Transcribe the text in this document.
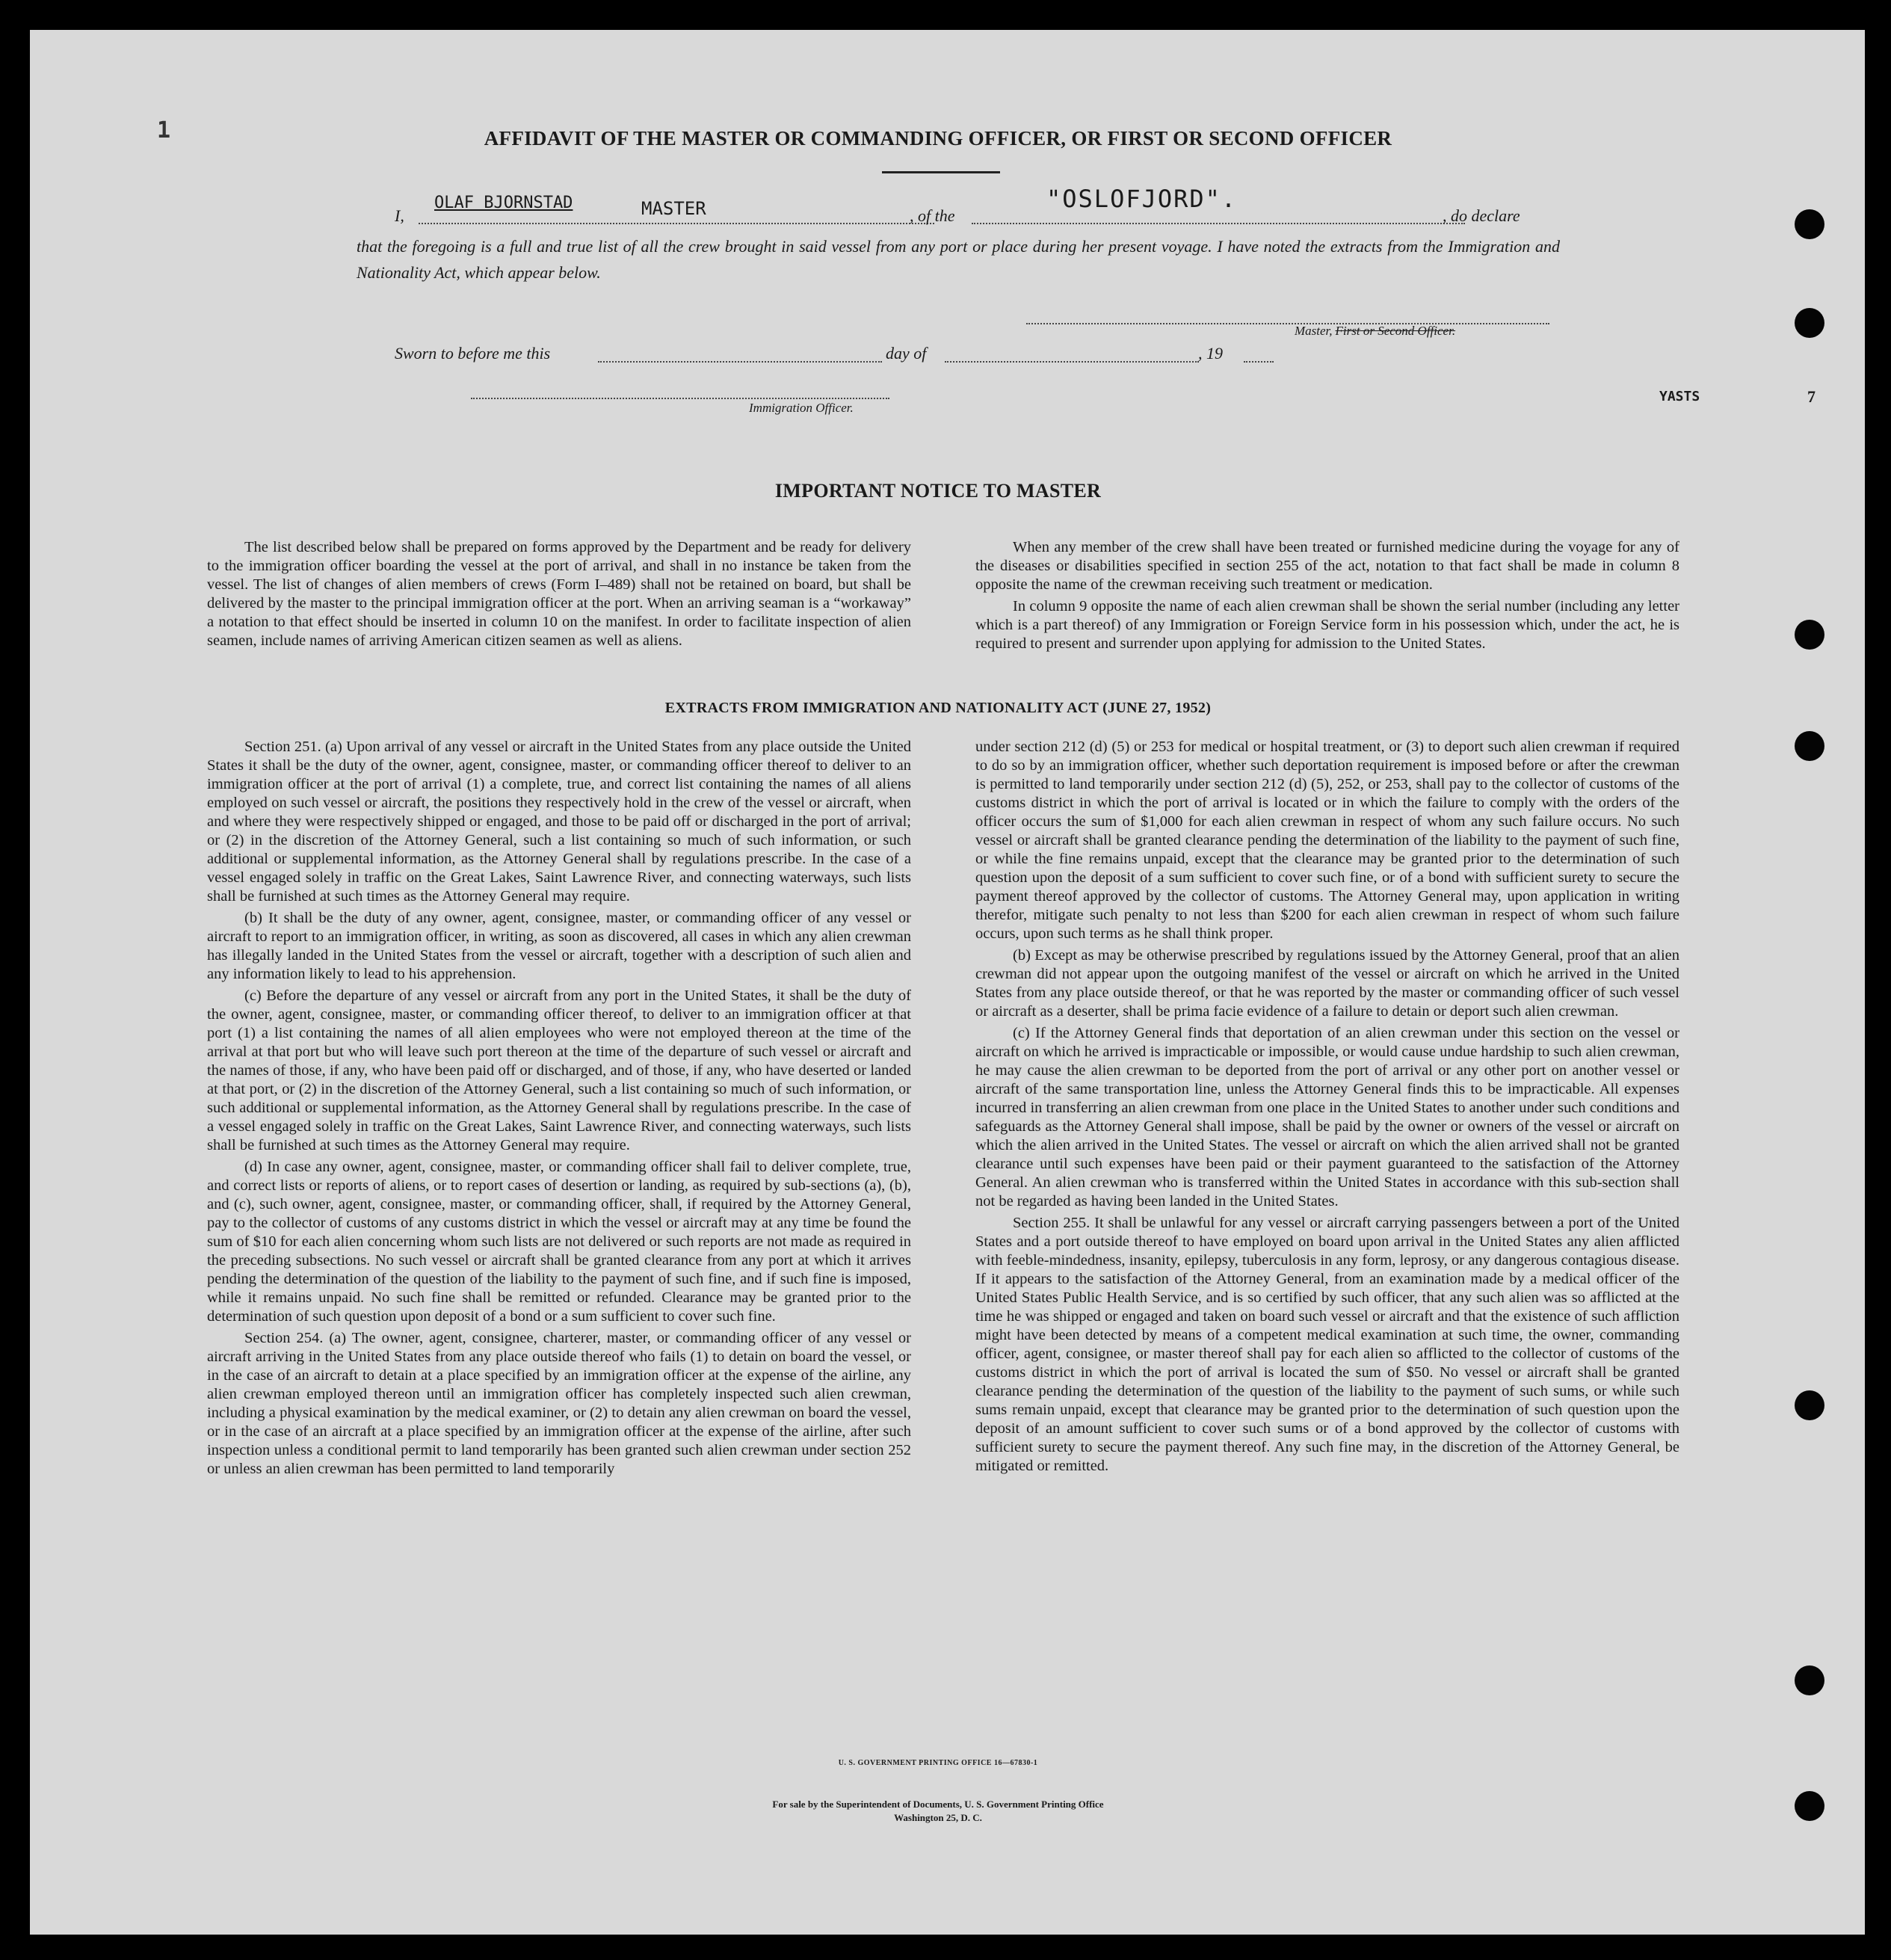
1
YASTS	7
AFFIDAVIT OF THE MASTER OR COMMANDING OFFICER, OR FIRST OR SECOND OFFICER
I,
OLAF BJORNSTAD	MASTER	, of the
"OSLOFJORD".
, do declare
that the foregoing is a full and true list of all the crew brought in said vessel from any port or place during her present voyage. I have noted the extracts from the Immigration and Nationality Act, which appear below.
Master, First or Second Officer.
Sworn to before me this	day of	, 19
Immigration Officer.
IMPORTANT NOTICE TO MASTER

The list described below shall be prepared on forms approved by the Department and be ready for delivery to the immigration officer boarding the vessel at the port of arrival, and shall in no instance be taken from the vessel. The list of changes of alien members of crews (Form I–489) shall not be retained on board, but shall be delivered by the master to the principal immigration officer at the port. When an arriving seaman is a “workaway” a notation to that effect should be inserted in column 10 on the manifest. In order to facilitate inspection of alien seamen, include names of arriving American citizen seamen as well as aliens.

When any member of the crew shall have been treated or furnished medicine during the voyage for any of the diseases or disabilities specified in section 255 of the act, notation to that fact shall be made in column 8 opposite the name of the crewman receiving such treatment or medication.

In column 9 opposite the name of each alien crewman shall be shown the serial number (including any letter which is a part thereof) of any Immigration or Foreign Service form in his possession which, under the act, he is required to present and surrender upon applying for admission to the United States.

EXTRACTS FROM IMMIGRATION AND NATIONALITY ACT (JUNE 27, 1952)

Section 251. (a) Upon arrival of any vessel or aircraft in the United States from any place outside the United States it shall be the duty of the owner, agent, consignee, master, or commanding officer thereof to deliver to an immigration officer at the port of arrival (1) a complete, true, and correct list containing the names of all aliens employed on such vessel or aircraft, the positions they respectively hold in the crew of the vessel or aircraft, when and where they were respectively shipped or engaged, and those to be paid off or discharged in the port of arrival; or (2) in the discretion of the Attorney General, such a list containing so much of such information, or such additional or supplemental information, as the Attorney General shall by regulations prescribe. In the case of a vessel engaged solely in traffic on the Great Lakes, Saint Lawrence River, and connecting waterways, such lists shall be furnished at such times as the Attorney General may require.

(b) It shall be the duty of any owner, agent, consignee, master, or commanding officer of any vessel or aircraft to report to an immigration officer, in writing, as soon as discovered, all cases in which any alien crewman has illegally landed in the United States from the vessel or aircraft, together with a description of such alien and any information likely to lead to his apprehension.

(c) Before the departure of any vessel or aircraft from any port in the United States, it shall be the duty of the owner, agent, consignee, master, or commanding officer thereof, to deliver to an immigration officer at that port (1) a list containing the names of all alien employees who were not employed thereon at the time of the arrival at that port but who will leave such port thereon at the time of the departure of such vessel or aircraft and the names of those, if any, who have been paid off or discharged, and of those, if any, who have deserted or landed at that port, or (2) in the discretion of the Attorney General, such a list containing so much of such information, or such additional or supplemental information, as the Attorney General shall by regulations prescribe. In the case of a vessel engaged solely in traffic on the Great Lakes, Saint Lawrence River, and connecting waterways, such lists shall be furnished at such times as the Attorney General may require.

(d) In case any owner, agent, consignee, master, or commanding officer shall fail to deliver complete, true, and correct lists or reports of aliens, or to report cases of desertion or landing, as required by sub-sections (a), (b), and (c), such owner, agent, consignee, master, or commanding officer, shall, if required by the Attorney General, pay to the collector of customs of any customs district in which the vessel or aircraft may at any time be found the sum of $10 for each alien concerning whom such lists are not delivered or such reports are not made as required in the preceding subsections. No such vessel or aircraft shall be granted clearance from any port at which it arrives pending the determination of the question of the liability to the payment of such fine, and if such fine is imposed, while it remains unpaid. No such fine shall be remitted or refunded. Clearance may be granted prior to the determination of such question upon deposit of a bond or a sum sufficient to cover such fine.

Section 254. (a) The owner, agent, consignee, charterer, master, or commanding officer of any vessel or aircraft arriving in the United States from any place outside thereof who fails (1) to detain on board the vessel, or in the case of an aircraft to detain at a place specified by an immigration officer at the expense of the airline, any alien crewman employed thereon until an immigration officer has completely inspected such alien crewman, including a physical examination by the medical examiner, or (2) to detain any alien crewman on board the vessel, or in the case of an aircraft at a place specified by an immigration officer at the expense of the airline, after such inspection unless a conditional permit to land temporarily has been granted such alien crewman under section 252 or unless an alien crewman has been permitted to land temporarily

under section 212 (d) (5) or 253 for medical or hospital treatment, or (3) to deport such alien crewman if required to do so by an immigration officer, whether such deportation requirement is imposed before or after the crewman is permitted to land temporarily under section 212 (d) (5), 252, or 253, shall pay to the collector of customs of the customs district in which the port of arrival is located or in which the failure to comply with the orders of the officer occurs the sum of $1,000 for each alien crewman in respect of whom any such failure occurs. No such vessel or aircraft shall be granted clearance pending the determination of the liability to the payment of such fine, or while the fine remains unpaid, except that the clearance may be granted prior to the determination of such question upon the deposit of a sum sufficient to cover such fine, or of a bond with sufficient surety to secure the payment thereof approved by the collector of customs. The Attorney General may, upon application in writing therefor, mitigate such penalty to not less than $200 for each alien crewman in respect of whom such failure occurs, upon such terms as he shall think proper.

(b) Except as may be otherwise prescribed by regulations issued by the Attorney General, proof that an alien crewman did not appear upon the outgoing manifest of the vessel or aircraft on which he arrived in the United States from any place outside thereof, or that he was reported by the master or commanding officer of such vessel or aircraft as a deserter, shall be prima facie evidence of a failure to detain or deport such alien crewman.

(c) If the Attorney General finds that deportation of an alien crewman under this section on the vessel or aircraft on which he arrived is impracticable or impossible, or would cause undue hardship to such alien crewman, he may cause the alien crewman to be deported from the port of arrival or any other port on another vessel or aircraft of the same transportation line, unless the Attorney General finds this to be impracticable. All expenses incurred in transferring an alien crewman from one place in the United States to another under such conditions and safeguards as the Attorney General shall impose, shall be paid by the owner or owners of the vessel or aircraft on which the alien arrived in the United States. The vessel or aircraft on which the alien arrived shall not be granted clearance until such expenses have been paid or their payment guaranteed to the satisfaction of the Attorney General. An alien crewman who is transferred within the United States in accordance with this sub-section shall not be regarded as having been landed in the United States.

Section 255. It shall be unlawful for any vessel or aircraft carrying passengers between a port of the United States and a port outside thereof to have employed on board upon arrival in the United States any alien afflicted with feeble-mindedness, insanity, epilepsy, tuberculosis in any form, leprosy, or any dangerous contagious disease. If it appears to the satisfaction of the Attorney General, from an examination made by a medical officer of the United States Public Health Service, and is so certified by such officer, that any such alien was so afflicted at the time he was shipped or engaged and taken on board such vessel or aircraft and that the existence of such affliction might have been detected by means of a competent medical examination at such time, the owner, commanding officer, agent, consignee, or master thereof shall pay for each alien so afflicted to the collector of customs of the customs district in which the port of arrival is located the sum of $50. No vessel or aircraft shall be granted clearance pending the determination of the question of the liability to the payment of such sums, or while such sums remain unpaid, except that clearance may be granted prior to the determination of such question upon the deposit of an amount sufficient to cover such sums or of a bond approved by the collector of customs with sufficient surety to secure the payment thereof. Any such fine may, in the discretion of the Attorney General, be mitigated or remitted.

U. S. GOVERNMENT PRINTING OFFICE 16—67830-1
For sale by the Superintendent of Documents, U. S. Government Printing Office
Washington 25, D. C.
